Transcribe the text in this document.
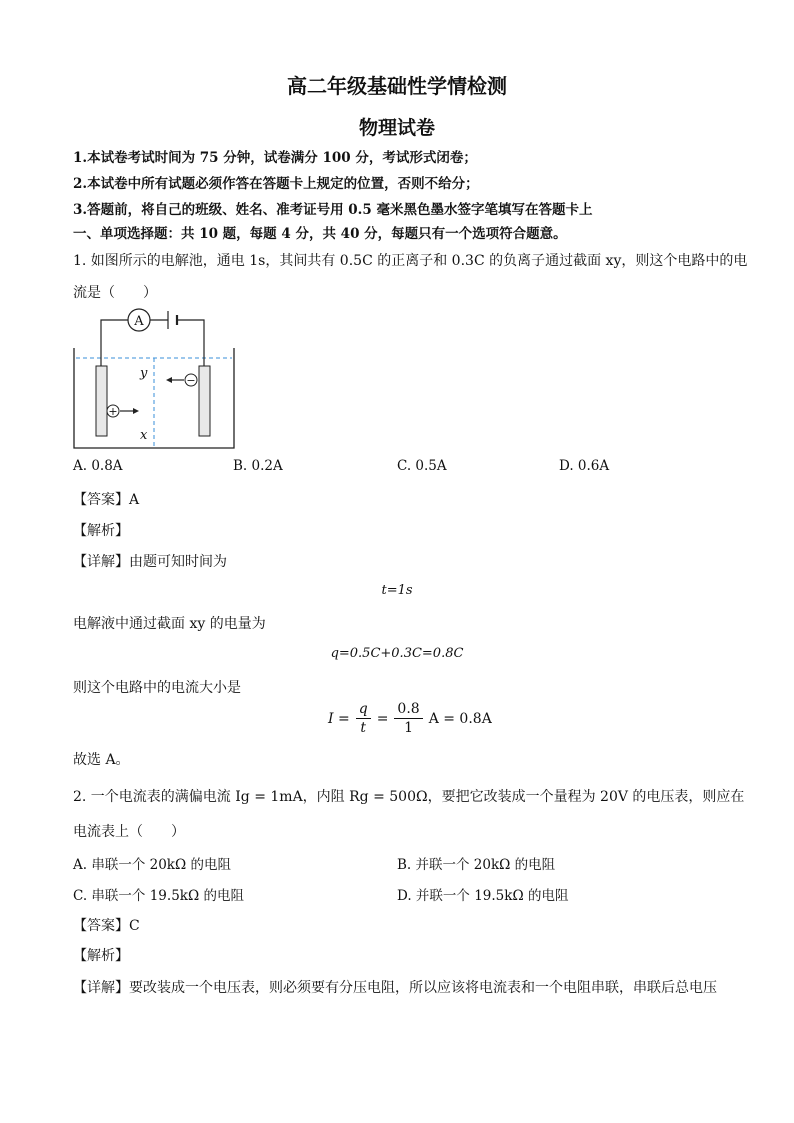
高二年级基础性学情检测
物理试卷
1.本试卷考试时间为 75 分钟，试卷满分 100 分，考试形式闭卷；
2.本试卷中所有试题必须作答在答题卡上规定的位置，否则不给分；
3.答题前，将自己的班级、姓名、准考证号用 0.5 毫米黑色墨水签字笔填写在答题卡上
一、单项选择题：共 10 题，每题 4 分，共 40 分，每题只有一个选项符合题意。
1. 如图所示的电解池，通电 1s，其间共有 0.5C 的正离子和 0.3C 的负离子通过截面 xy，则这个电路中的电
流是（　　）
A
y
x
−
+
A. 0.8A	B. 0.2A	C. 0.5A	D. 0.6A
【答案】A
【解析】
【详解】由题可知时间为
t=1s
电解液中通过截面 xy 的电量为
q=0.5C+0.3C=0.8C
则这个电路中的电流大小是
$I = \frac{q}{t} = \frac{0.8}{1}$ A = 0.8A
故选 A。
2. 一个电流表的满偏电流 Ig = 1mA，内阻 Rg = 500Ω，要把它改装成一个量程为 20V 的电压表，则应在
电流表上（　　）
A. 串联一个 20kΩ 的电阻	B. 并联一个 20kΩ 的电阻
C. 串联一个 19.5kΩ 的电阻	D. 并联一个 19.5kΩ 的电阻
【答案】C
【解析】
【详解】要改装成一个电压表，则必须要有分压电阻，所以应该将电流表和一个电阻串联，串联后总电压
